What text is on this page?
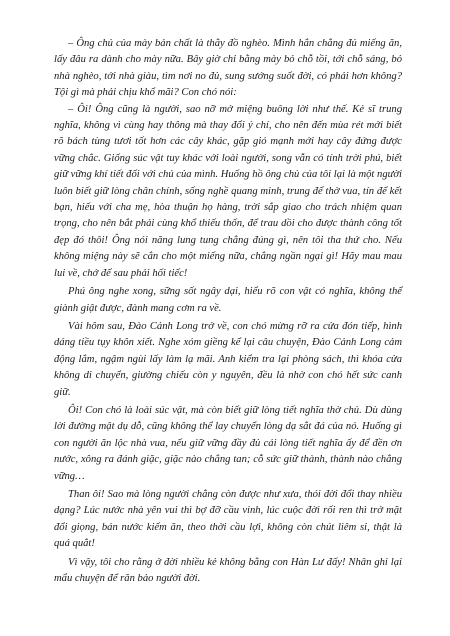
– Ông chủ của mày bản chất là thằy đồ nghèo. Mình hắn chẳng đủ miếng ăn, lấy đâu ra dành cho mày nữa. Bây giờ chỉ bằng mày bỏ chỗ tồi, tới chỗ sáng, bỏ nhà nghèo, tới nhà giàu, tìm nơi no đủ, sung sướng suốt đời, có phải hơn không? Tội gì mà phải chịu khổ mãi? Con chó nói:

– Ôi! Ông cũng là người, sao nỡ mở miệng buông lời như thế. Kẻ sĩ trung nghĩa, không vì cùng hay thông mà thay đổi ý chí, cho nên đến mùa rét mới biết rõ bách tùng tươi tốt hơn các cây khác, gặp gió mạnh mới hay cây đứng được vững chắc. Giống súc vật tuy khác với loài người, song vẫn có tính trời phú, biết giữ vững khí tiết đối với chủ của mình. Huống hồ ông chủ của tôi lại là một người luôn biết giữ lòng chân chính, sống nghề quang minh, trung để thờ vua, tín để kết bạn, hiếu với cha mẹ, hòa thuận họ hàng, trời sắp giao cho trách nhiệm quan trọng, cho nên bắt phải cùng khổ thiếu thốn, để trau dồi cho được thành công tốt đẹp đó thôi! Ông nói năng lung tung chẳng đúng gì, nên tôi tha thứ cho. Nếu không miệng này sẽ cắn cho một miếng nữa, chẳng ngần ngại gì! Hãy mau mau lui về, chớ để sau phải hối tiếc!

Phú ông nghe xong, sững sốt ngây dại, hiểu rõ con vật có nghĩa, không thể giành giật được, đành mang cơm ra về.

Vài hôm sau, Đào Cảnh Long trở về, con chó mừng rỡ ra cửa đón tiếp, hình dáng tiều tụy khôn xiết. Nghe xóm giềng kể lại câu chuyện, Đào Cảnh Long cảm động lắm, ngậm ngùi lấy làm lạ mãi. Anh kiểm tra lại phòng sách, thì khóa cửa không di chuyển, giường chiếu còn y nguyên, đều là nhờ con chó hết sức canh giữ.

Ôi! Con chó là loài súc vật, mà còn biết giữ lòng tiết nghĩa thờ chủ. Dù dùng lời đường mật dụ dỗ, cũng không thể lay chuyển lòng dạ sắt đá của nó. Huống gì con người ăn lộc nhà vua, nếu giữ vững đầy đủ cái lòng tiết nghĩa ấy để đền ơn nước, xông ra đánh giặc, giặc nào chẳng tan; cỗ sức giữ thành, thành nào chẳng vững…

Than ôi! Sao mà lòng người chẳng còn được như xưa, thói đời đổi thay nhiều dạng? Lúc nước nhà yên vui thì bợ đỡ cầu vinh, lúc cuộc đời rối ren thì trở mặt đổi giọng, bán nước kiếm ăn, theo thời cầu lợi, không còn chút liêm sỉ, thật là quá quắt!

Vì vậy, tôi cho rằng ở đời nhiều kẻ không bằng con Hàn Lư đấy! Nhân ghi lại mẩu chuyện để răn bảo người đời.
